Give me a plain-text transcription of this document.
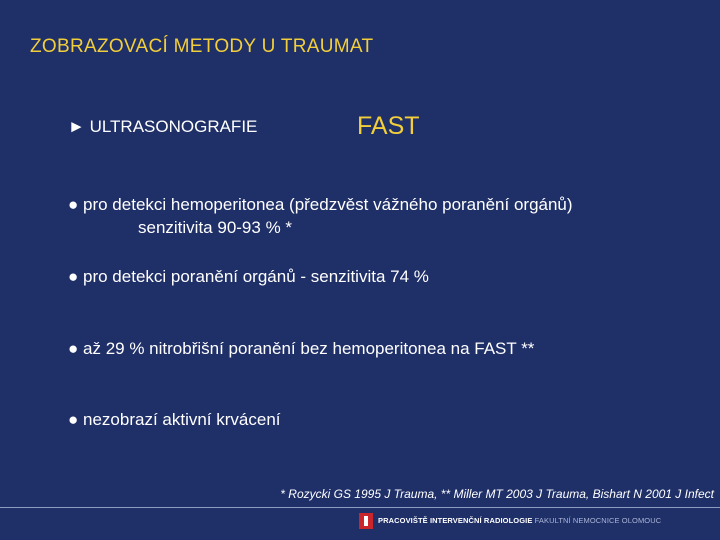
ZOBRAZOVACÍ METODY U TRAUMAT
► ULTRASONOGRAFIE	FAST
● pro detekci hemoperitonea (předzvěst vážného poranění orgánů)
senzitivita 90-93 % *
● pro detekci poranění orgánů - senzitivita 74 %
● až 29 % nitrobřišní poranění bez hemoperitonea na FAST **
● nezobrazí aktivní krvácení
* Rozycki GS 1995 J Trauma, ** Miller MT 2003 J Trauma, Bishart N 2001 J Infect
PRACOVIŠTĚ INTERVENČNÍ RADIOLOGIE FAKULTNÍ NEMOCNICE OLOMOUC
